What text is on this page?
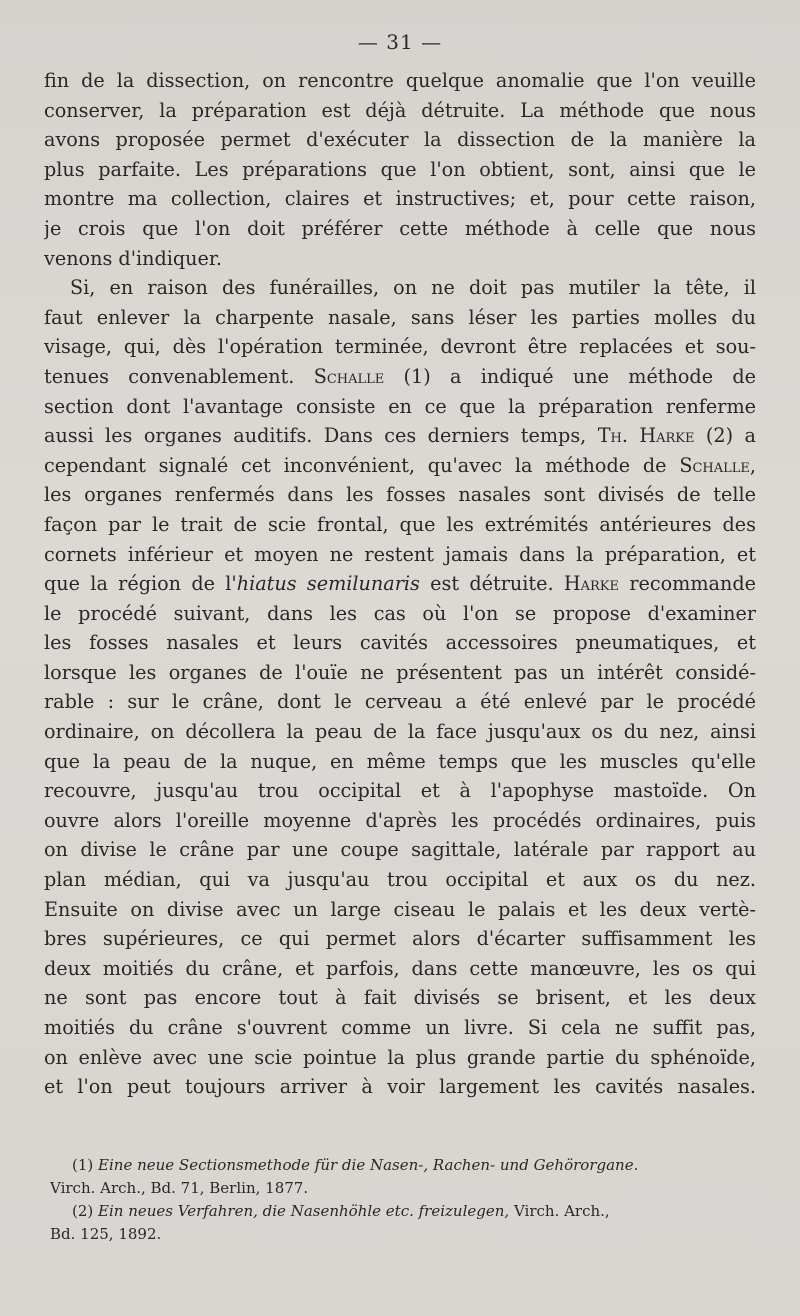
— 31 —
fin de la dissection, on rencontre quelque anomalie que l'on veuille
conserver, la préparation est déjà détruite. La méthode que nous
avons proposée permet d'exécuter la dissection de la manière la
plus parfaite. Les préparations que l'on obtient, sont, ainsi que le
montre ma collection, claires et instructives; et, pour cette raison,
je crois que l'on doit préférer cette méthode à celle que nous
venons d'indiquer.
Si, en raison des funérailles, on ne doit pas mutiler la tête, il
faut enlever la charpente nasale, sans léser les parties molles du
visage, qui, dès l'opération terminée, devront être replacées et sou-
tenues convenablement. Schalle (1) a indiqué une méthode de
section dont l'avantage consiste en ce que la préparation renferme
aussi les organes auditifs. Dans ces derniers temps, Th. Harke (2) a
cependant signalé cet inconvénient, qu'avec la méthode de Schalle,
les organes renfermés dans les fosses nasales sont divisés de telle
façon par le trait de scie frontal, que les extrémités antérieures des
cornets inférieur et moyen ne restent jamais dans la préparation, et
que la région de l'hiatus semilunaris est détruite. Harke recommande
le procédé suivant, dans les cas où l'on se propose d'examiner
les fosses nasales et leurs cavités accessoires pneumatiques, et
lorsque les organes de l'ouïe ne présentent pas un intérêt considé-
rable : sur le crâne, dont le cerveau a été enlevé par le procédé
ordinaire, on décollera la peau de la face jusqu'aux os du nez, ainsi
que la peau de la nuque, en même temps que les muscles qu'elle
recouvre, jusqu'au trou occipital et à l'apophyse mastoïde. On
ouvre alors l'oreille moyenne d'après les procédés ordinaires, puis
on divise le crâne par une coupe sagittale, latérale par rapport au
plan médian, qui va jusqu'au trou occipital et aux os du nez.
Ensuite on divise avec un large ciseau le palais et les deux vertè-
bres supérieures, ce qui permet alors d'écarter suffisamment les
deux moitiés du crâne, et parfois, dans cette manœuvre, les os qui
ne sont pas encore tout à fait divisés se brisent, et les deux
moitiés du crâne s'ouvrent comme un livre. Si cela ne suffit pas,
on enlève avec une scie pointue la plus grande partie du sphénoïde,
et l'on peut toujours arriver à voir largement les cavités nasales.
(1) Eine neue Sectionsmethode für die Nasen-, Rachen- und Gehörorgane.
Virch. Arch., Bd. 71, Berlin, 1877.
(2) Ein neues Verfahren, die Nasenhöhle etc. freizulegen, Virch. Arch.,
Bd. 125, 1892.
